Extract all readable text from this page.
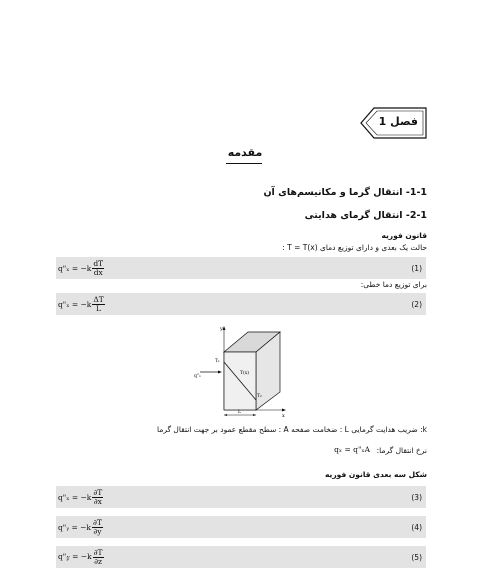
فصل 1
مقدمه
1-1- انتقال گرما و مکانیسم‌های آن
2-1- انتقال گرمای هدایتی
قانون فوریه
حالت یک بعدی و دارای توزیع دمای T = T(x) :
q"ₓ = $-k \frac{dT}{dx}$	(1)
برای توزیع دما خطی:
q"ₓ = $-k \frac{\Delta T}{L}$	(2)
y
x
T₁
T₂
T(x)
q"ₓ
L
k: ضریب هدایت گرمایی L : ضخامت صفحه A : سطح مقطع عمود بر جهت انتقال گرما
نرخ انتقال گرما:
qₓ = q"ₓA
شکل سه بعدی قانون فوریه
q"ₓ = $-k \frac{\partial T}{\partial x}$	(3)
q"ᵧ = $-k \frac{\partial T}{\partial y}$	(4)
q"𝓏 = $-k \frac{\partial T}{\partial z}$	(5)
